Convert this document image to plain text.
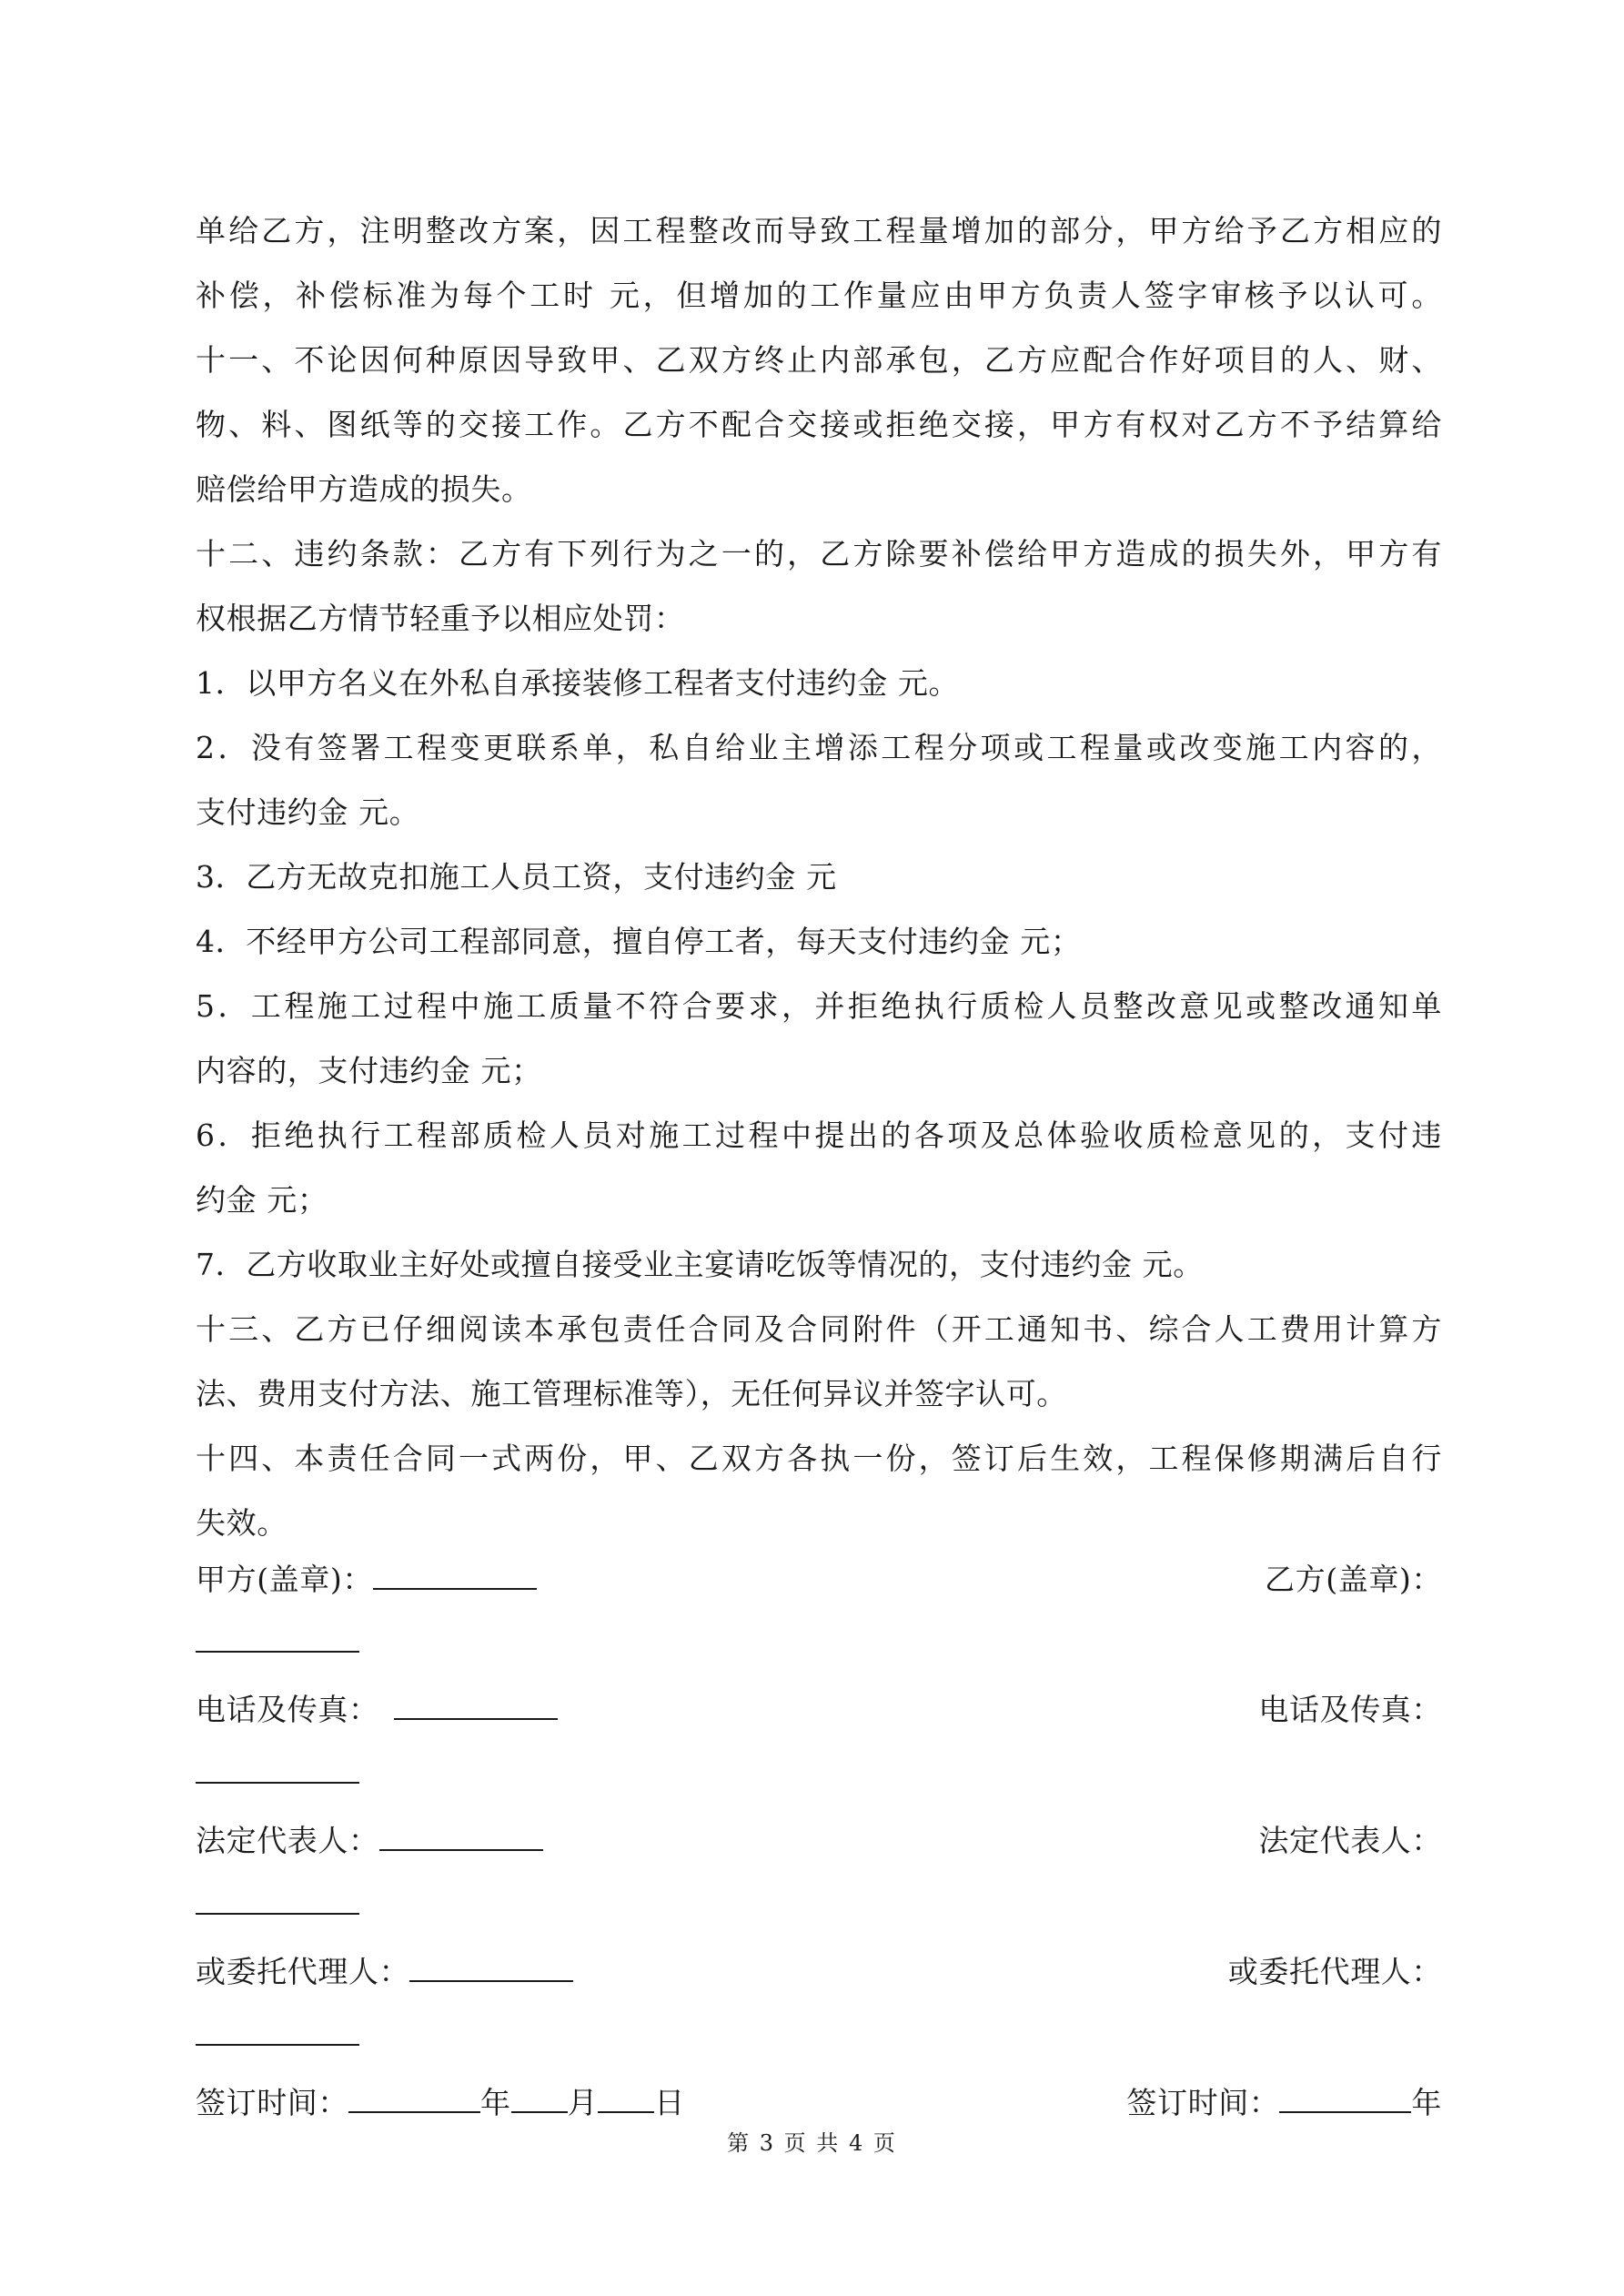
单给乙方，注明整改方案，因工程整改而导致工程量增加的部分，甲方给予乙方相应的
补偿，补偿标准为每个工时 元，但增加的工作量应由甲方负责人签字审核予以认可。
十一、不论因何种原因导致甲、乙双方终止内部承包，乙方应配合作好项目的人、财、
物、料、图纸等的交接工作。乙方不配合交接或拒绝交接，甲方有权对乙方不予结算给
赔偿给甲方造成的损失。
十二、违约条款：乙方有下列行为之一的，乙方除要补偿给甲方造成的损失外，甲方有
权根据乙方情节轻重予以相应处罚：
1．以甲方名义在外私自承接装修工程者支付违约金 元。
2．没有签署工程变更联系单，私自给业主增添工程分项或工程量或改变施工内容的，
支付违约金 元。
3．乙方无故克扣施工人员工资，支付违约金 元
4．不经甲方公司工程部同意，擅自停工者，每天支付违约金 元；
5．工程施工过程中施工质量不符合要求，并拒绝执行质检人员整改意见或整改通知单
内容的，支付违约金 元；
6．拒绝执行工程部质检人员对施工过程中提出的各项及总体验收质检意见的，支付违
约金 元；
7．乙方收取业主好处或擅自接受业主宴请吃饭等情况的，支付违约金 元。
十三、乙方已仔细阅读本承包责任合同及合同附件（开工通知书、综合人工费用计算方
法、费用支付方法、施工管理标准等），无任何异议并签字认可。
十四、本责任合同一式两份，甲、乙双方各执一份，签订后生效，工程保修期满后自行
失效。
甲方(盖章)：	乙方(盖章)：
电话及传真：	电话及传真：
法定代表人：	法定代表人：
或委托代理人：	或委托代理人：
签订时间：	年 月 日	签订时间：	年
第 3 页 共 4 页
